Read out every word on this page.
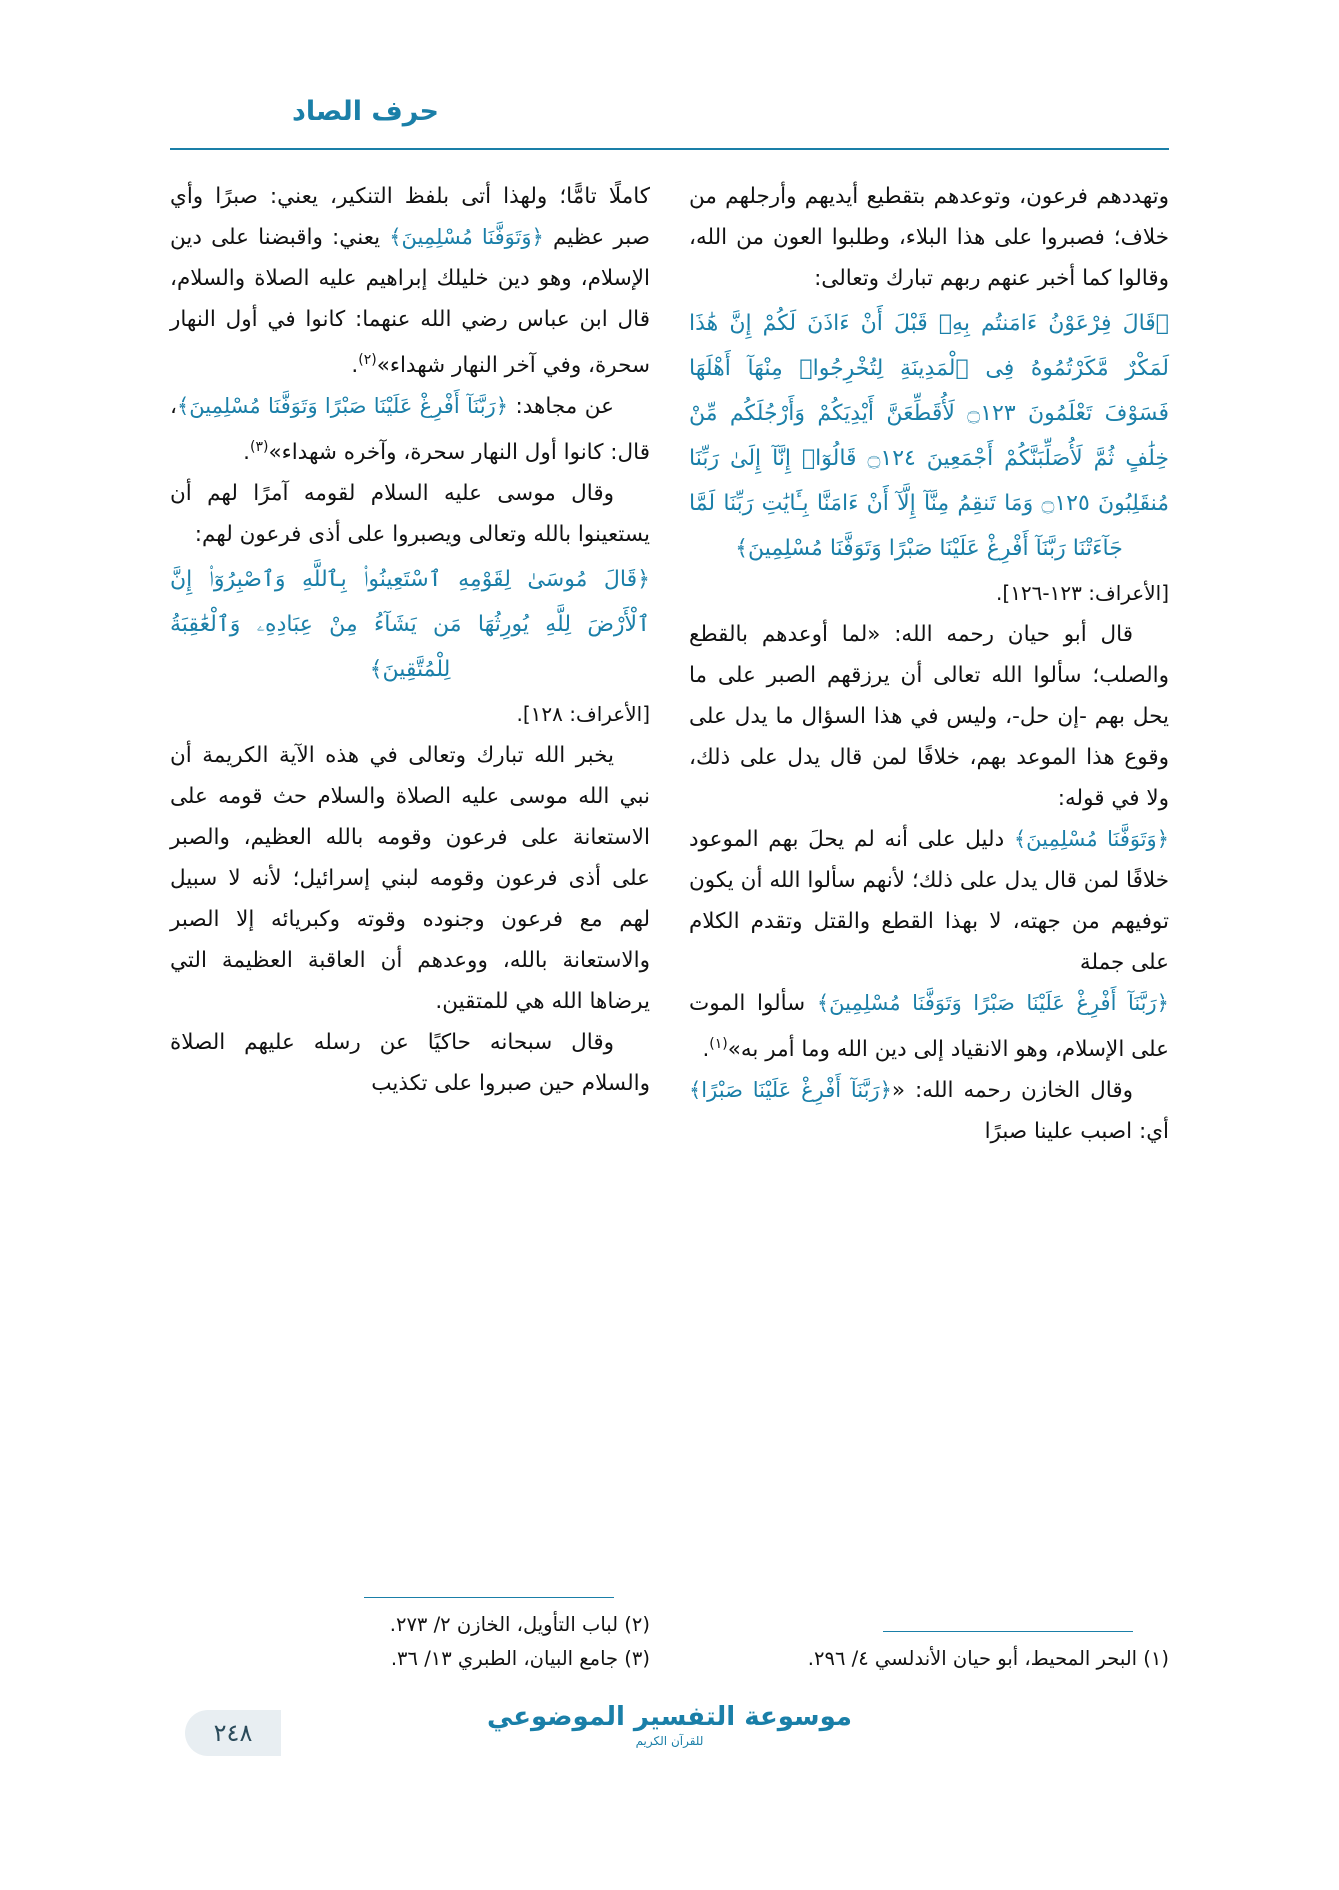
حرف الصاد

وتهددهم فرعون، وتوعدهم بتقطيع أيديهم وأرجلهم من خلاف؛ فصبروا على هذا البلاء، وطلبوا العون من الله، وقالوا كما أخبر عنهم ربهم تبارك وتعالى:

﴿قَالَ فِرْعَوْنُ ءَامَنتُم بِهِۦ قَبْلَ أَنْ ءَاذَنَ لَكُمْ إِنَّ هَٰذَا لَمَكْرٌ مَّكَرْتُمُوهُ فِى ٱلْمَدِينَةِ لِتُخْرِجُوا۟ مِنْهَآ أَهْلَهَا فَسَوْفَ تَعْلَمُونَ ۝١٢٣ لَأُقَطِّعَنَّ أَيْدِيَكُمْ وَأَرْجُلَكُم مِّنْ خِلَٰفٍ ثُمَّ لَأُصَلِّبَنَّكُمْ أَجْمَعِينَ ۝١٢٤ قَالُوٓا۟ إِنَّآ إِلَىٰ رَبِّنَا مُنقَلِبُونَ ۝١٢٥ وَمَا تَنقِمُ مِنَّآ إِلَّآ أَنْ ءَامَنَّا بِـَٔايَٰتِ رَبِّنَا لَمَّا جَآءَتْنَا رَبَّنَآ أَفْرِغْ عَلَيْنَا صَبْرًا وَتَوَفَّنَا مُسْلِمِينَ﴾
[الأعراف: ١٢٣-١٢٦].

قال أبو حيان رحمه الله: «لما أوعدهم بالقطع والصلب؛ سألوا الله تعالى أن يرزقهم الصبر على ما يحل بهم -إن حل-، وليس في هذا السؤال ما يدل على وقوع هذا الموعد بهم، خلافًا لمن قال يدل على ذلك، ولا في قوله:

﴿وَتَوَفَّنَا مُسْلِمِينَ﴾ دليل على أنه لم يحلَ بهم الموعود خلافًا لمن قال يدل على ذلك؛ لأنهم سألوا الله أن يكون توفيهم من جهته، لا بهذا القطع والقتل وتقدم الكلام على جملة

﴿رَبَّنَآ أَفْرِغْ عَلَيْنَا صَبْرًا وَتَوَفَّنَا مُسْلِمِينَ﴾ سألوا الموت على الإسلام، وهو الانقياد إلى دين الله وما أمر به»$^{(١)}$.

وقال الخازن رحمه الله: «﴿رَبَّنَآ أَفْرِغْ عَلَيْنَا صَبْرًا﴾ أي: اصبب علينا صبرًا

(١) البحر المحيط، أبو حيان الأندلسي ٤/ ٢٩٦.

كاملًا تامًّا؛ ولهذا أتى بلفظ التنكير، يعني: صبرًا وأي صبر عظيم ﴿وَتَوَفَّنَا مُسْلِمِينَ﴾ يعني: واقبضنا على دين الإسلام، وهو دين خليلك إبراهيم عليه الصلاة والسلام، قال ابن عباس رضي الله عنهما: كانوا في أول النهار سحرة، وفي آخر النهار شهداء»$^{(٢)}$.

عن مجاهد: ﴿رَبَّنَآ أَفْرِغْ عَلَيْنَا صَبْرًا وَتَوَفَّنَا مُسْلِمِينَ﴾، قال: كانوا أول النهار سحرة، وآخره شهداء»$^{(٣)}$.

وقال موسى عليه السلام لقومه آمرًا لهم أن يستعينوا بالله وتعالى ويصبروا على أذى فرعون لهم:

﴿قَالَ مُوسَىٰ لِقَوْمِهِ ٱسْتَعِينُوا۟ بِٱللَّهِ وَٱصْبِرُوٓا۟ إِنَّ ٱلْأَرْضَ لِلَّهِ يُورِثُهَا مَن يَشَآءُ مِنْ عِبَادِهِۦ وَٱلْعَٰقِبَةُ لِلْمُتَّقِينَ﴾
[الأعراف: ١٢٨].

يخبر الله تبارك وتعالى في هذه الآية الكريمة أن نبي الله موسى عليه الصلاة والسلام حث قومه على الاستعانة على فرعون وقومه بالله العظيم، والصبر على أذى فرعون وقومه لبني إسرائيل؛ لأنه لا سبيل لهم مع فرعون وجنوده وقوته وكبريائه إلا الصبر والاستعانة بالله، ووعدهم أن العاقبة العظيمة التي يرضاها الله هي للمتقين.

وقال سبحانه حاكيًا عن رسله عليهم الصلاة والسلام حين صبروا على تكذيب

(٢) لباب التأويل، الخازن ٢/ ٢٧٣.
(٣) جامع البيان، الطبري ١٣/ ٣٦.
موسوعة التفسير الموضوعي
للقرآن الكريم
٢٤٨
